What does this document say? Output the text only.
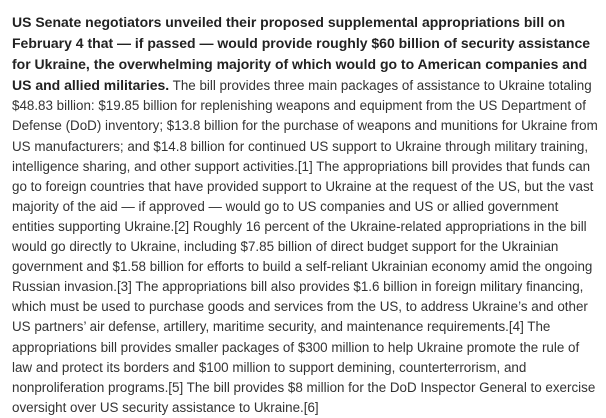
US Senate negotiators unveiled their proposed supplemental appropriations bill on February 4 that — if passed — would provide roughly $60 billion of security assistance for Ukraine, the overwhelming majority of which would go to American companies and US and allied militaries. The bill provides three main packages of assistance to Ukraine totaling $48.83 billion: $19.85 billion for replenishing weapons and equipment from the US Department of Defense (DoD) inventory; $13.8 billion for the purchase of weapons and munitions for Ukraine from US manufacturers; and $14.8 billion for continued US support to Ukraine through military training, intelligence sharing, and other support activities.[1] The appropriations bill provides that funds can go to foreign countries that have provided support to Ukraine at the request of the US, but the vast majority of the aid — if approved — would go to US companies and US or allied government entities supporting Ukraine.[2] Roughly 16 percent of the Ukraine-related appropriations in the bill would go directly to Ukraine, including $7.85 billion of direct budget support for the Ukrainian government and $1.58 billion for efforts to build a self-reliant Ukrainian economy amid the ongoing Russian invasion.[3] The appropriations bill also provides $1.6 billion in foreign military financing, which must be used to purchase goods and services from the US, to address Ukraine’s and other US partners’ air defense, artillery, maritime security, and maintenance requirements.[4] The appropriations bill provides smaller packages of $300 million to help Ukraine promote the rule of law and protect its borders and $100 million to support demining, counterterrorism, and nonproliferation programs.[5] The bill provides $8 million for the DoD Inspector General to exercise oversight over US security assistance to Ukraine.[6]
